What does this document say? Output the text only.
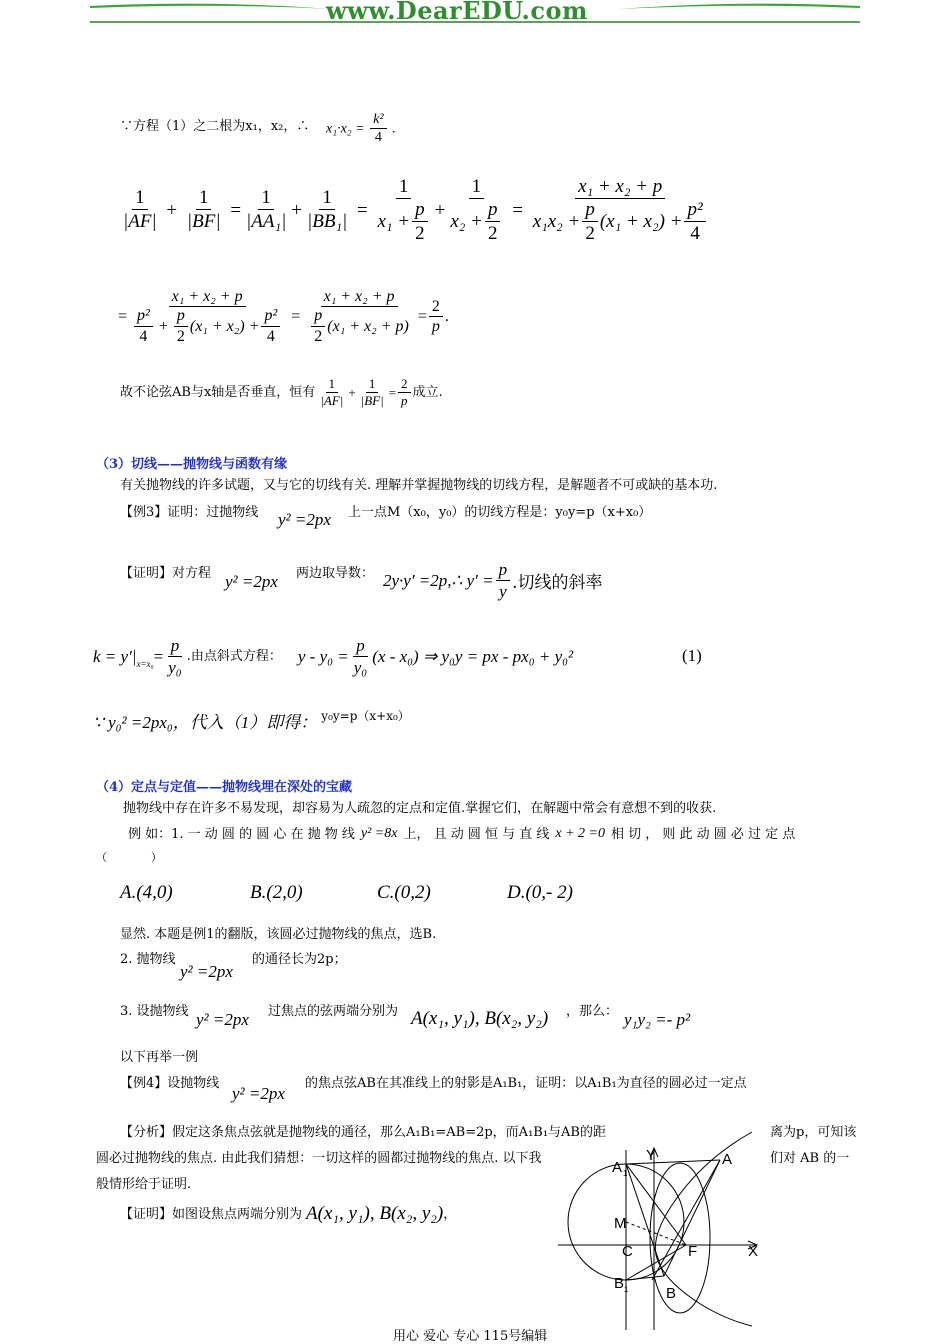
www.DearEDU.com
∵方程（1）之二根为x₁，x₂，∴ $x_1\cdot x_2 = \frac{\text{k²}}{4}$ .
$\frac{1}{|AF|} + \frac{1}{|BF|} = \frac{1}{\text{|AA₁|}} + \frac{1}{\text{|BB₁|}} = \frac{1}{x_1 + \frac{p}{2}} + \frac{1}{x_2 + \frac{p}{2}} = \frac{\text{x₁ + x₂ + p}}{x_1x_2 + \frac{p}{2} (x_1 + x_2) + \frac{\text{p²}}{4}}$
= $\frac{\text{x₁ + x₂ + p}}{\frac{\text{p²}}{4} + \frac{p}{2} (x_1 + x_2) + \frac{\text{p²}}{4}} = \frac{\text{x₁ + x₂ + p}}{\frac{p}{2} (x_1 + x_2 + p)} = \frac{2}{p}$ .
故不论弦AB与x轴是否垂直，恒有 $\frac{1}{|AF|} + \frac{1}{|BF|} = \frac{2}{p}$ 成立.
（3）切线——抛物线与函数有缘
有关抛物线的许多试题，又与它的切线有关. 理解并掌握抛物线的切线方程，是解题者不可或缺的基本功.
【例3】证明：过抛物线 y² =2px 上一点M（x₀，y₀）的切线方程是：y₀y=p（x+x₀）
【证明】对方程 y² =2px 两边取导数： 2y·y′ =2p,∴ $y' = \frac{p}{y}$ .切线的斜率
$k = y'|_{x=x_0} = \frac{p}{\text{y₀}}$ .由点斜式方程： $y - y_0 = \frac{p}{\text{y₀}} (x - x_0)$ ⇒ y₀y = px - px₀ + y₀²	(1)
∵ y₀² =2px₀，代入（1）即得： y₀y=p（x+x₀）
（4）定点与定值——抛物线埋在深处的宝藏
抛物线中存在许多不易发现，却容易为人疏忽的定点和定值.掌握它们，在解题中常会有意想不到的收获.
例 如：1. 一 动 圆 的 圆 心 在 抛 物 线 y² =8x 上， 且 动 圆 恒 与 直 线 x + 2 =0 相 切 ， 则 此 动 圆 必 过 定 点
（　　　　）
A.(4,0)	B.(2,0)	C.(0,2)	D.(0,- 2)
显然. 本题是例1的翻版，该圆必过抛物线的焦点，选B.
2. 抛物线
y² =2px
的通径长为2p；
3. 设抛物线 y² =2px 过焦点的弦两端分别为 A(x₁, y₁), B(x₂, y₂) ，那么： y₁y₂ =- p²
以下再举一例
【例4】设抛物线
y² =2px
的焦点弦AB在其准线上的射影是A₁B₁，证明：以A₁B₁为直径的圆必过一定点
【分析】假定这条焦点弦就是抛物线的通径，那么A₁B₁=AB=2p，而A₁B₁与AB的距	离为p，可知该
圆必过抛物线的焦点. 由此我们猜想：一切这样的圆都过抛物线的焦点. 以下我	们对 AB 的一
般情形给于证明.
【证明】如图设焦点两端分别为 A(x₁, y₁), B(x₂, y₂) ，
Y
A 1
A
M
C	F	X
B 1	B
用心 爱心 专心 115号编辑
